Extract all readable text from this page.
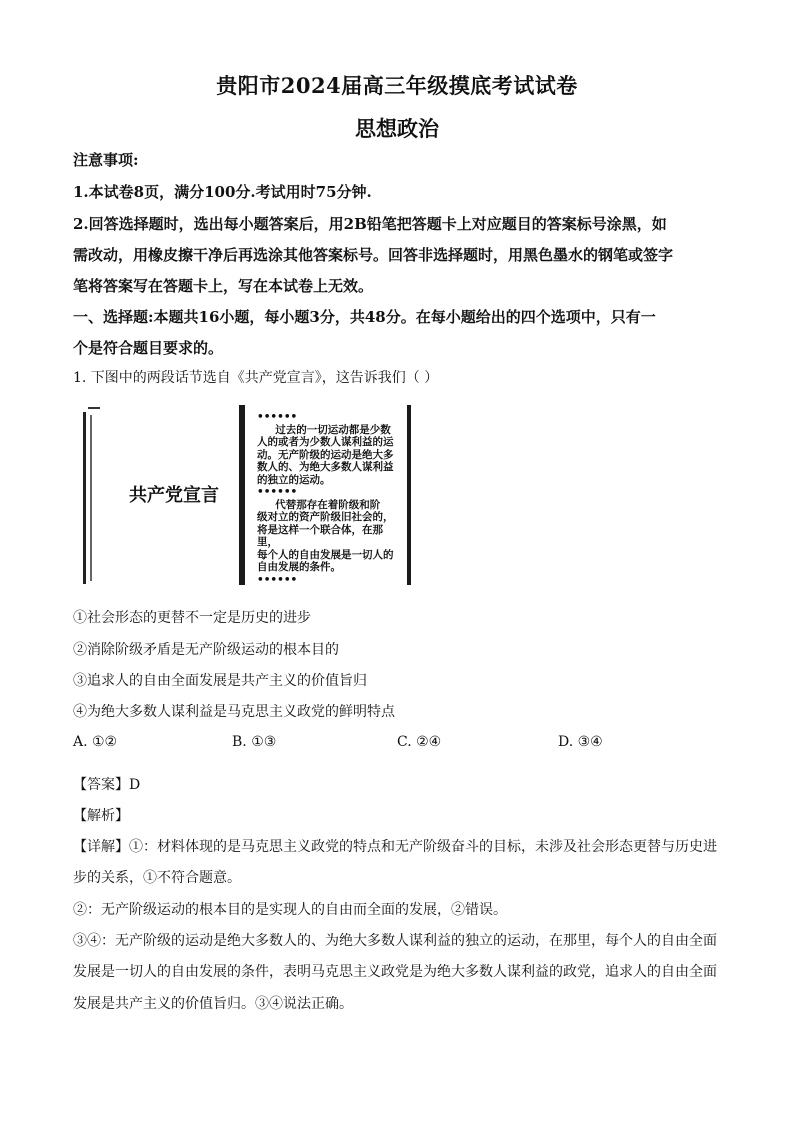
贵阳市2024届高三年级摸底考试试卷
思想政治
注意事项:
1.本试卷8页，满分100分.考试用时75分钟.
2.回答选择题时，选出每小题答案后，用2B铅笔把答题卡上对应题目的答案标号涂黑，如
需改动，用橡皮擦干净后再选涂其他答案标号。回答非选择题时，用黑色墨水的钢笔或签字
笔将答案写在答题卡上，写在本试卷上无效。
一、选择题:本题共16小题，每小题3分，共48分。在每小题给出的四个选项中，只有一
个是符合题目要求的。
1. 下图中的两段话节选自《共产党宣言》，这告诉我们（ ）
共产党宣言
••••••
过去的一切运动都是少数
人的或者为少数人谋利益的运
动。无产阶级的运动是绝大多
数人的、为绝大多数人谋利益
的独立的运动。
••••••
代替那存在着阶级和阶
级对立的资产阶级旧社会的，
将是这样一个联合体，在那里，
每个人的自由发展是一切人的
自由发展的条件。
••••••
①社会形态的更替不一定是历史的进步
②消除阶级矛盾是无产阶级运动的根本目的
③追求人的自由全面发展是共产主义的价值旨归
④为绝大多数人谋利益是马克思主义政党的鲜明特点
A. ①②	B. ①③	C. ②④	D. ③④
【答案】D
【解析】
【详解】①：材料体现的是马克思主义政党的特点和无产阶级奋斗的目标，未涉及社会形态更替与历史进
步的关系，①不符合题意。
②：无产阶级运动的根本目的是实现人的自由而全面的发展，②错误。
③④：无产阶级的运动是绝大多数人的、为绝大多数人谋利益的独立的运动，在那里，每个人的自由全面
发展是一切人的自由发展的条件，表明马克思主义政党是为绝大多数人谋利益的政党，追求人的自由全面
发展是共产主义的价值旨归。③④说法正确。
